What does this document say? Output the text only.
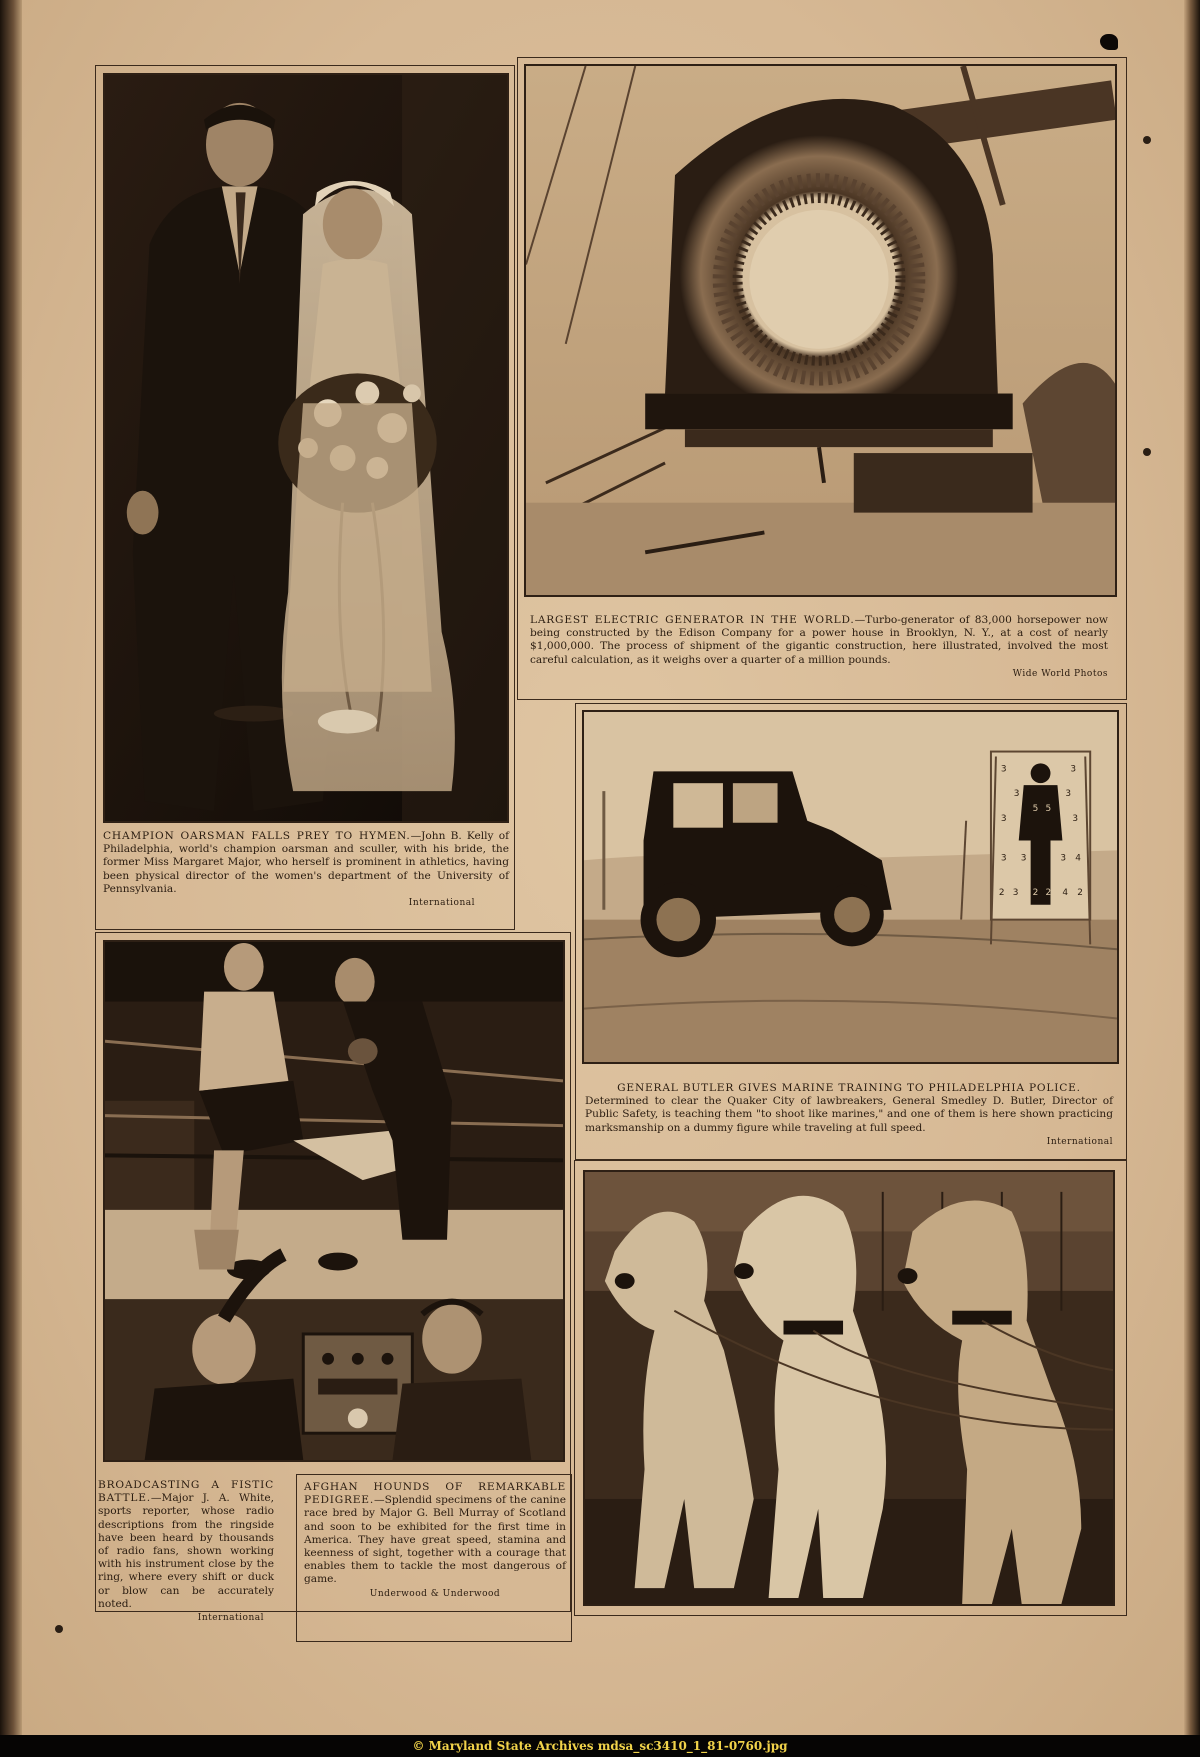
CHAMPION OARSMAN FALLS PREY TO HYMEN.—John B. Kelly of Philadelphia, world's champion oarsman and sculler, with his bride, the former Miss Margaret Major, who herself is prominent in athletics, having been physical director of the women's department of the University of Pennsylvania.
International
LARGEST ELECTRIC GENERATOR IN THE WORLD.—Turbo-generator of 83,000 horsepower now being constructed by the Edison Company for a power house in Brooklyn, N. Y., at a cost of nearly $1,000,000. The process of shipment of the gigantic construction, here illustrated, involved the most careful calculation, as it weighs over a quarter of a million pounds.
Wide World Photos
3	3
3
5 5
3
3	3
3 3	3 4
2 3 2 2 4 2
GENERAL BUTLER GIVES MARINE TRAINING TO PHILADELPHIA POLICE.
Determined to clear the Quaker City of lawbreakers, General Smedley D. Butler, Director of Public Safety, is teaching them "to shoot like marines," and one of them is here shown practicing marksmanship on a dummy figure while traveling at full speed.
International
BROADCASTING A FISTIC BATTLE.—Major J. A. White, sports reporter, whose radio descriptions from the ringside have been heard by thousands of radio fans, shown working with his instrument close by the ring, where every shift or duck or blow can be accurately noted.
International
AFGHAN HOUNDS OF REMARKABLE PEDIGREE.—Splendid specimens of the canine race bred by Major G. Bell Murray of Scotland and soon to be exhibited for the first time in America. They have great speed, stamina and keenness of sight, together with a courage that enables them to tackle the most dangerous of game.
Underwood & Underwood
© Maryland State Archives mdsa_sc3410_1_81-0760.jpg
